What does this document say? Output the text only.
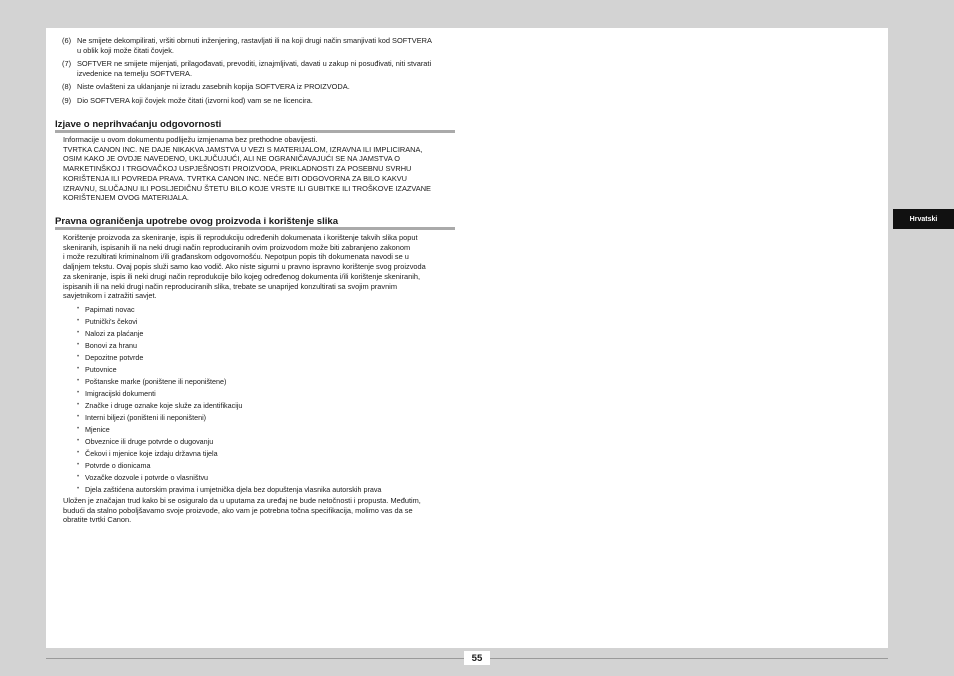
(6) Ne smijete dekompilirati, vršiti obrnuti inženjering, rastavljati ili na koji drugi način smanjivati kod SOFTVERA
u oblik koji može čitati čovjek.
(7) SOFTVER ne smijete mijenjati, prilagođavati, prevoditi, iznajmljivati, davati u zakup ni posuđivati, niti stvarati
izvedenice na temelju SOFTVERA.
(8) Niste ovlašteni za uklanjanje ni izradu zasebnih kopija SOFTVERA iz PROIZVODA.
(9) Dio SOFTVERA koji čovjek može čitati (izvorni kod) vam se ne licencira.
Izjave o neprihvaćanju odgovornosti

Informacije u ovom dokumentu podliježu izmjenama bez prethodne obavijesti.
TVRTKA CANON INC. NE DAJE NIKAKVA JAMSTVA U VEZI S MATERIJALOM, IZRAVNA ILI IMPLICIRANA,
OSIM KAKO JE OVDJE NAVEDENO, UKLJUČUJUĆI, ALI NE OGRANIČAVAJUĆI SE NA JAMSTVA O
MARKETINŠKOJ I TRGOVAČKOJ USPJEŠNOSTI PROIZVODA, PRIKLADNOSTI ZA POSEBNU SVRHU
KORIŠTENJA ILI POVREDA PRAVA. TVRTKA CANON INC. NEĆE BITI ODGOVORNA ZA BILO KAKVU
IZRAVNU, SLUČAJNU ILI POSLJEDIČNU ŠTETU BILO KOJE VRSTE ILI GUBITKE ILI TROŠKOVE IZAZVANE
KORIŠTENJEM OVOG MATERIJALA.

Pravna ograničenja upotrebe ovog proizvoda i korištenje slika

Korištenje proizvoda za skeniranje, ispis ili reprodukciju određenih dokumenata i korištenje takvih slika poput
skeniranih, ispisanih ili na neki drugi način reproduciranih ovim proizvodom može biti zabranjeno zakonom
i može rezultirati kriminalnom i/ili građanskom odgovornošću. Nepotpun popis tih dokumenata navodi se u
daljnjem tekstu. Ovaj popis služi samo kao vodič. Ako niste sigurni u pravno ispravno korištenje svog proizvoda
za skeniranje, ispis ili neki drugi način reprodukcije bilo kojeg određenog dokumenta i/ili korištenje skeniranih,
ispisanih ili na neki drugi način reproduciranih slika, trebate se unaprijed konzultirati sa svojim pravnim
savjetnikom i zatražiti savjet.

• Papirnati novac
• Putnički's čekovi
• Nalozi za plaćanje
• Bonovi za hranu
• Depozitne potvrde
• Putovnice
• Poštanske marke (poništene ili neponištene)
• Imigracijski dokumenti
• Značke i druge oznake koje služe za identifikaciju
• Interni biljezi (poništeni ili neponišteni)
• Mjenice
• Obveznice ili druge potvrde o dugovanju
• Čekovi i mjenice koje izdaju državna tijela
• Potvrde o dionicama
• Vozačke dozvole i potvrde o vlasništvu
• Djela zaštićena autorskim pravima i umjetnička djela bez dopuštenja vlasnika autorskih prava

Uložen je značajan trud kako bi se osiguralo da u uputama za uređaj ne bude netočnosti i propusta. Međutim,
budući da stalno poboljšavamo svoje proizvode, ako vam je potrebna točna specifikacija, molimo vas da se
obratite tvrtki Canon.

Hrvatski
55
